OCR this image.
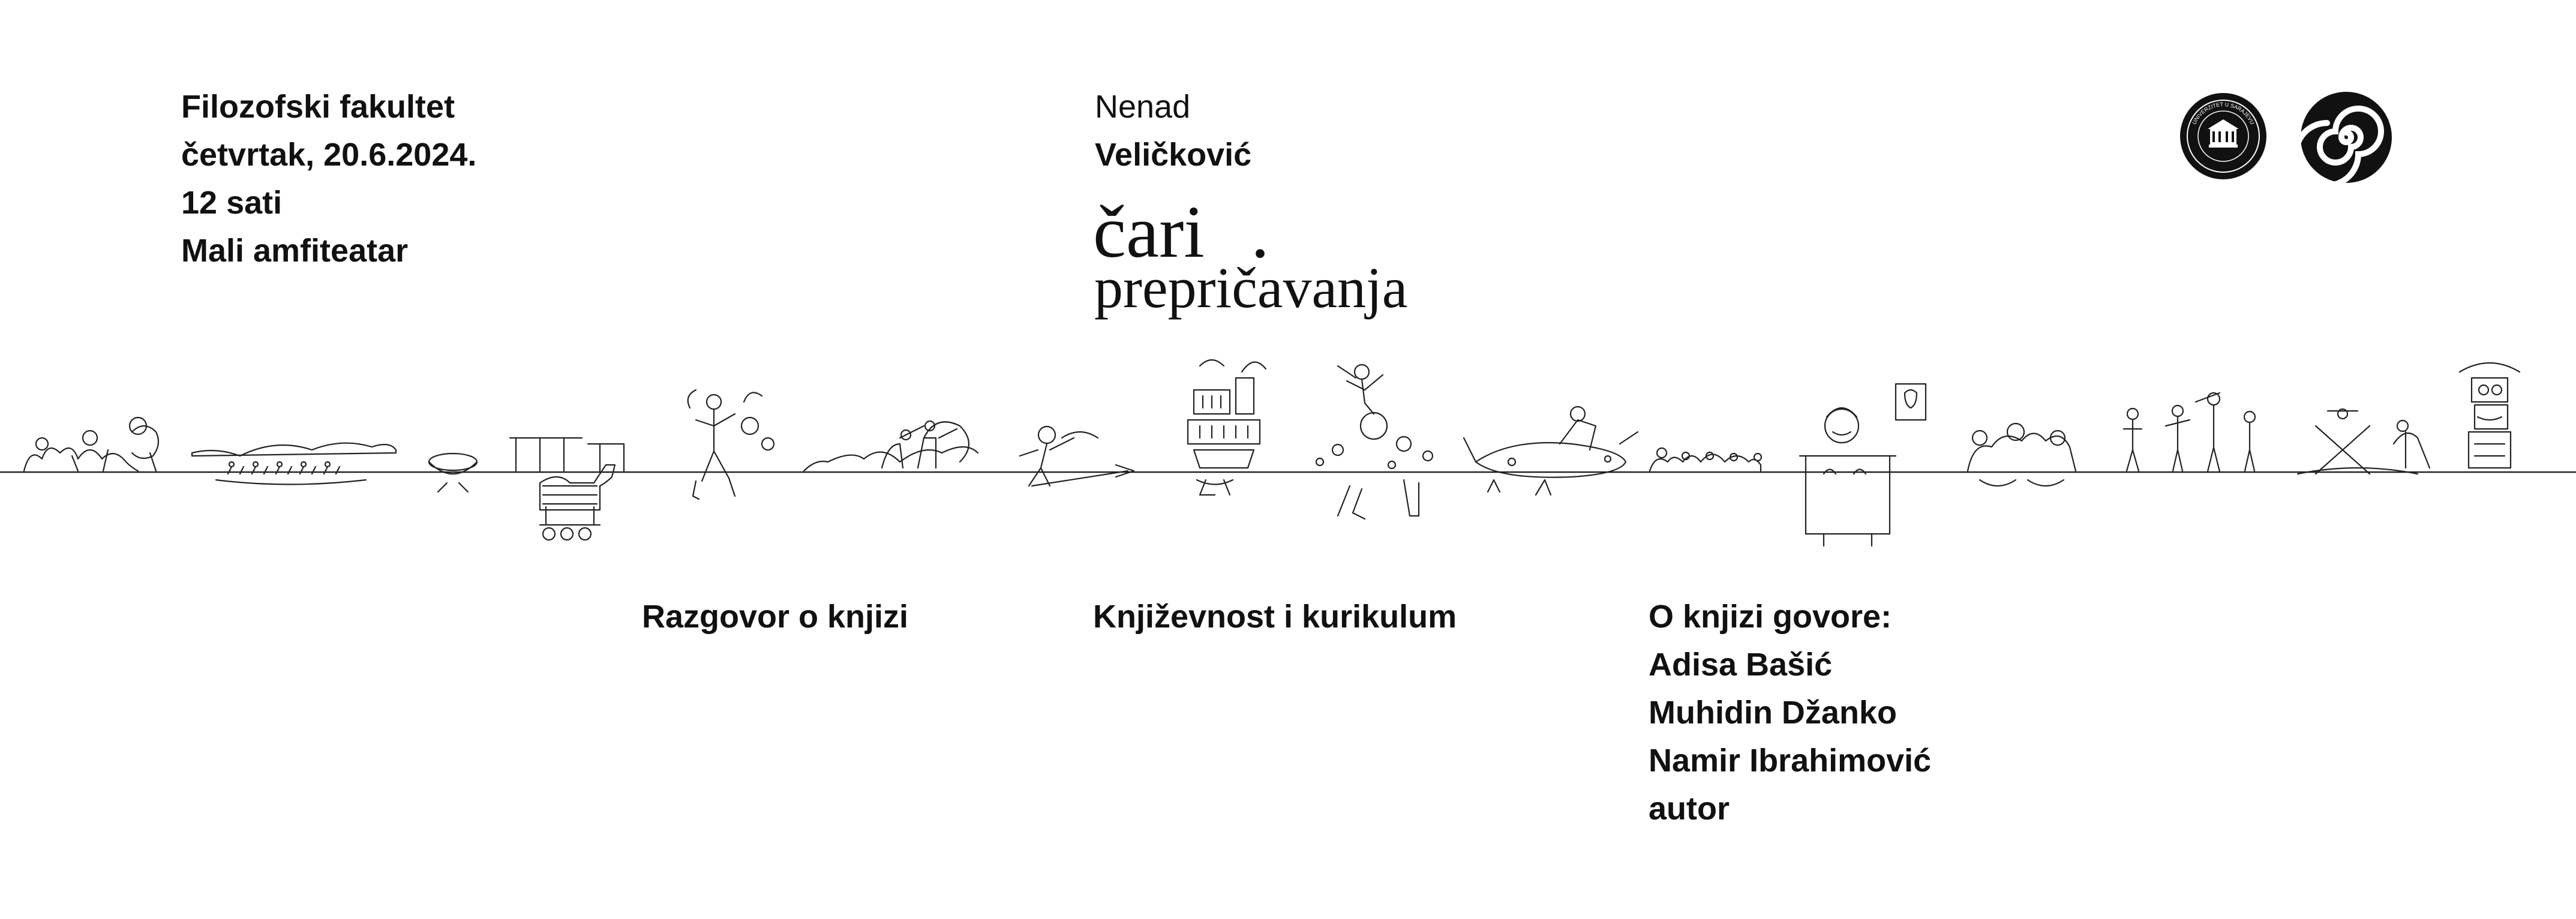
Filozofski fakultet
četvrtak, 20.6.2024.
12 sati
Mali amfiteatar
Nenad
Veličković
čari .
prepričavanja
UNIVERZITET U SARAJEVU
Razgovor o knjizi	Književnost i kurikulum	O knjizi govore:
Adisa Bašić
Muhidin Džanko
Namir Ibrahimović
autor
